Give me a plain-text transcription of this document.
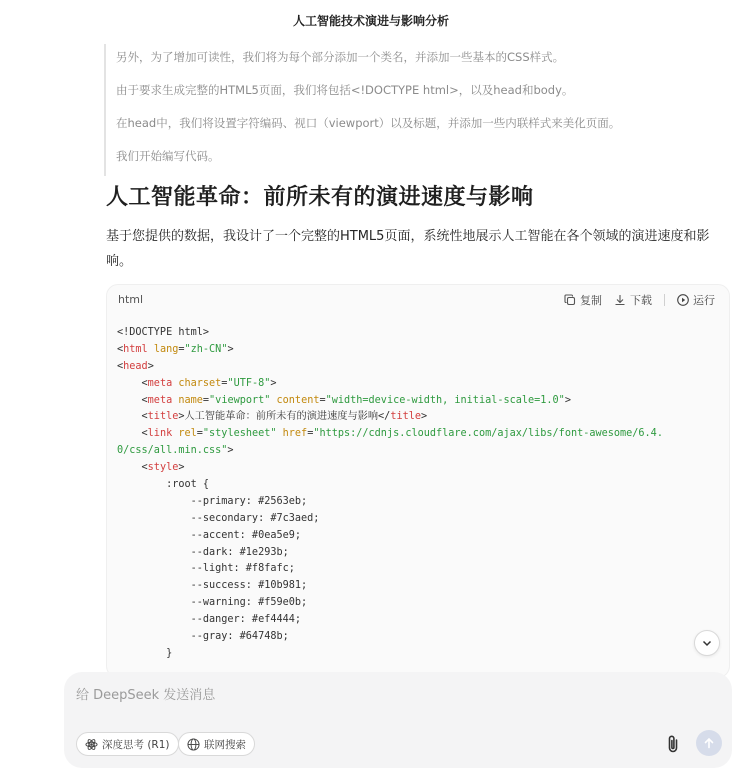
人工智能技术演进与影响分析

另外，为了增加可读性，我们将为每个部分添加一个类名，并添加一些基本的CSS样式。

由于要求生成完整的HTML5页面，我们将包括<!DOCTYPE html>，以及head和body。

在head中，我们将设置字符编码、视口（viewport）以及标题，并添加一些内联样式来美化页面。

我们开始编写代码。

人工智能革命：前所未有的演进速度与影响
基于您提供的数据，我设计了一个完整的HTML5页面，系统性地展示人工智能在各个领域的演进速度和影响。
html	复制	下载	运行
<!DOCTYPE html>
<html lang="zh-CN">
<head>
<meta charset="UTF-8">
<meta name="viewport" content="width=device-width, initial-scale=1.0">
<title>人工智能革命：前所未有的演进速度与影响</title>
<link rel="stylesheet" href="https://cdnjs.cloudflare.com/ajax/libs/font-awesome/6.4.
0/css/all.min.css">
<style>
:root {
--primary: #2563eb;
--secondary: #7c3aed;
--accent: #0ea5e9;
--dark: #1e293b;
--light: #f8fafc;
--success: #10b981;
--warning: #f59e0b;
--danger: #ef4444;
--gray: #64748b;
}
给 DeepSeek 发送消息
深度思考 (R1)	联网搜索
